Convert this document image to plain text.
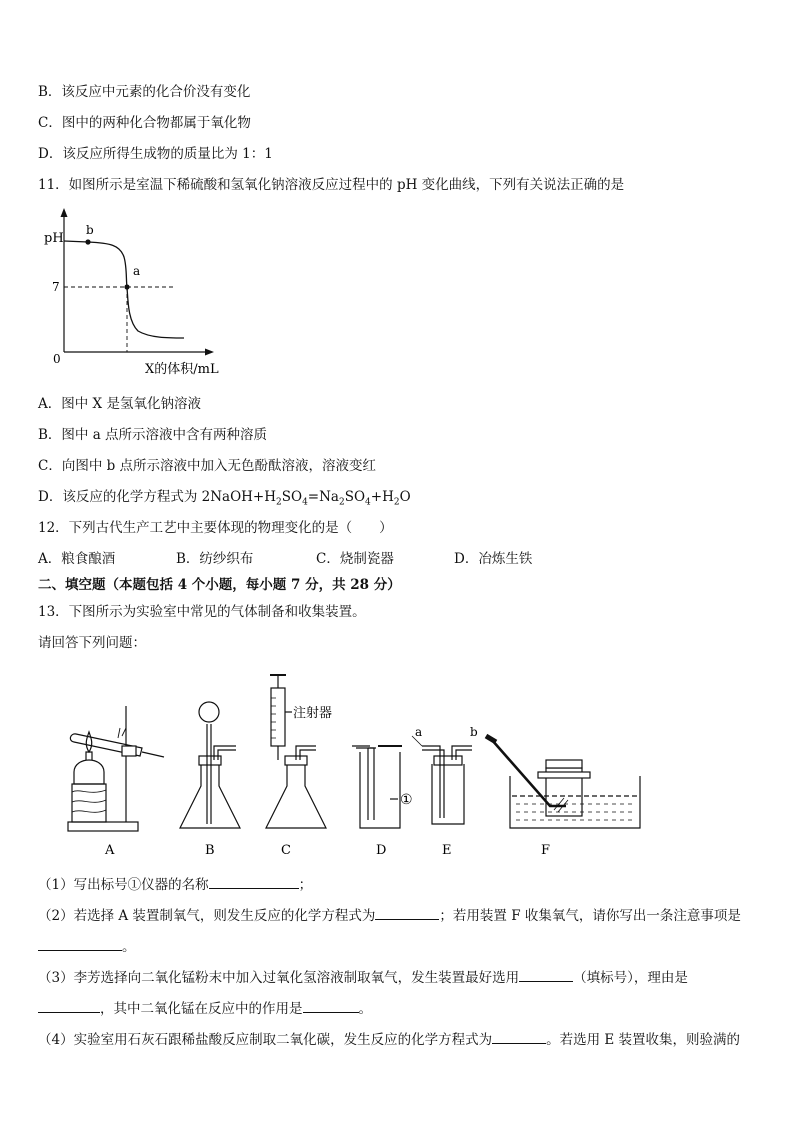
B．该反应中元素的化合价没有变化
C．图中的两种化合物都属于氧化物
D．该反应所得生成物的质量比为 1：1
11．如图所示是室温下稀硫酸和氢氧化钠溶液反应过程中的 pH 变化曲线，下列有关说法正确的是
pH
7
0
b
a
X的体积/mL
A．图中 X 是氢氧化钠溶液
B．图中 a 点所示溶液中含有两种溶质
C．向图中 b 点所示溶液中加入无色酚酞溶液，溶液变红
D．该反应的化学方程式为 $2NaOH+H_2SO_4=Na_2SO_4+H_2O$
12．下列古代生产工艺中主要体现的物理变化的是（　　）
A．粮食酿酒	B．纺纱织布	C．烧制瓷器	D．冶炼生铁
二、填空题（本题包括 4 个小题，每小题 7 分，共 28 分）
13．下图所示为实验室中常见的气体制备和收集装置。
请回答下列问题：
A	B	C	D	E	F
注射器
①
a	b
（1）写出标号①仪器的名称	；
（2）若选择 A 装置制氧气，则发生反应的化学方程式为	；若用装置 F 收集氧气，请你写出一条注意事项是
。
（3）李芳选择向二氧化锰粉末中加入过氧化氢溶液制取氧气，发生装置最好选用	（填标号），理由是
，其中二氧化锰在反应中的作用是	。
（4）实验室用石灰石跟稀盐酸反应制取二氧化碳，发生反应的化学方程式为	。若选用 E 装置收集，则验满的
